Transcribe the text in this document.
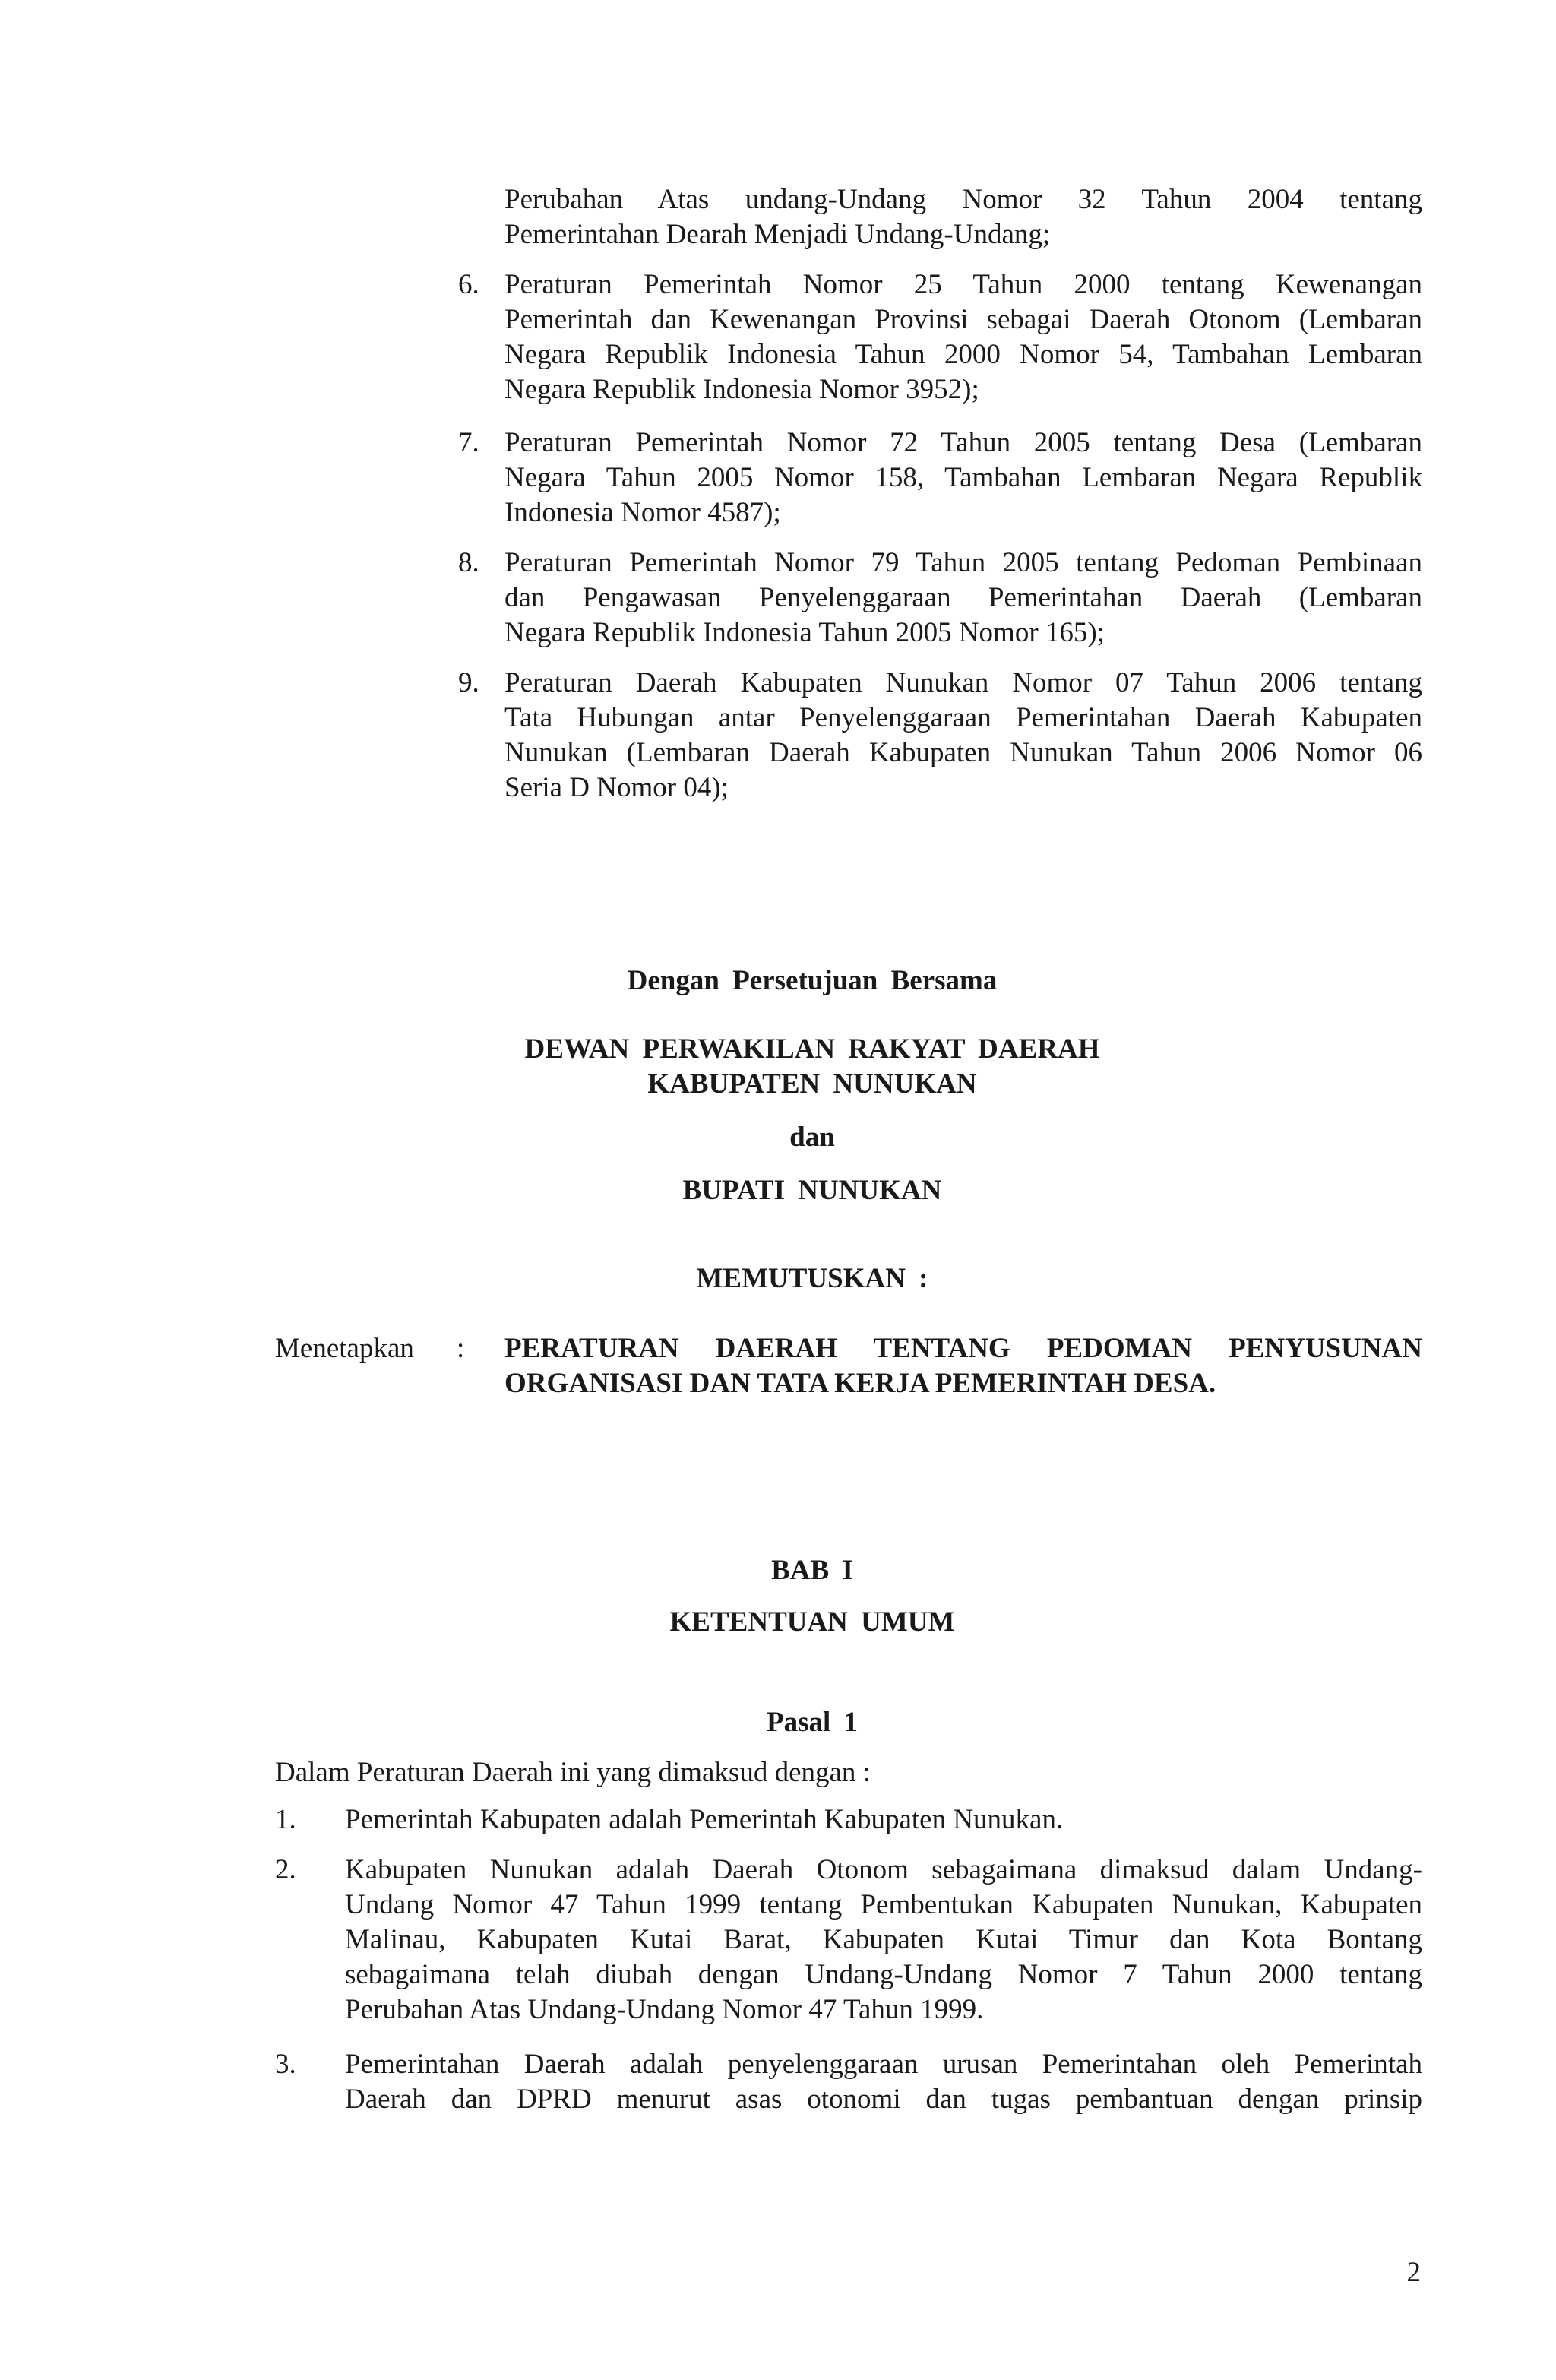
Perubahan Atas undang-Undang Nomor 32 Tahun 2004 tentang
Pemerintahan Dearah Menjadi Undang-Undang;
6. Peraturan Pemerintah Nomor 25 Tahun 2000 tentang Kewenangan
Pemerintah dan Kewenangan Provinsi sebagai Daerah Otonom (Lembaran
Negara Republik Indonesia Tahun 2000 Nomor 54, Tambahan Lembaran
Negara Republik Indonesia Nomor 3952);
7. Peraturan Pemerintah Nomor 72 Tahun 2005 tentang Desa (Lembaran
Negara Tahun 2005 Nomor 158, Tambahan Lembaran Negara Republik
Indonesia Nomor 4587);
8. Peraturan Pemerintah Nomor 79 Tahun 2005 tentang Pedoman Pembinaan
dan Pengawasan Penyelenggaraan Pemerintahan Daerah (Lembaran
Negara Republik Indonesia Tahun 2005 Nomor 165);
9. Peraturan Daerah Kabupaten Nunukan Nomor 07 Tahun 2006 tentang
Tata Hubungan antar Penyelenggaraan Pemerintahan Daerah Kabupaten
Nunukan (Lembaran Daerah Kabupaten Nunukan Tahun 2006 Nomor 06
Seria D Nomor 04);
Dengan Persetujuan Bersama
DEWAN PERWAKILAN RAKYAT DAERAH
KABUPATEN NUNUKAN
dan
BUPATI NUNUKAN
MEMUTUSKAN :
Menetapkan : PERATURAN DAERAH TENTANG PEDOMAN PENYUSUNAN
ORGANISASI DAN TATA KERJA PEMERINTAH DESA.
BAB I
KETENTUAN UMUM
Pasal 1
Dalam Peraturan Daerah ini yang dimaksud dengan :
1. Pemerintah Kabupaten adalah Pemerintah Kabupaten Nunukan.
2. Kabupaten Nunukan adalah Daerah Otonom sebagaimana dimaksud dalam Undang-
Undang Nomor 47 Tahun 1999 tentang Pembentukan Kabupaten Nunukan, Kabupaten
Malinau, Kabupaten Kutai Barat, Kabupaten Kutai Timur dan Kota Bontang
sebagaimana telah diubah dengan Undang-Undang Nomor 7 Tahun 2000 tentang
Perubahan Atas Undang-Undang Nomor 47 Tahun 1999.
3. Pemerintahan Daerah adalah penyelenggaraan urusan Pemerintahan oleh Pemerintah
Daerah dan DPRD menurut asas otonomi dan tugas pembantuan dengan prinsip
2
